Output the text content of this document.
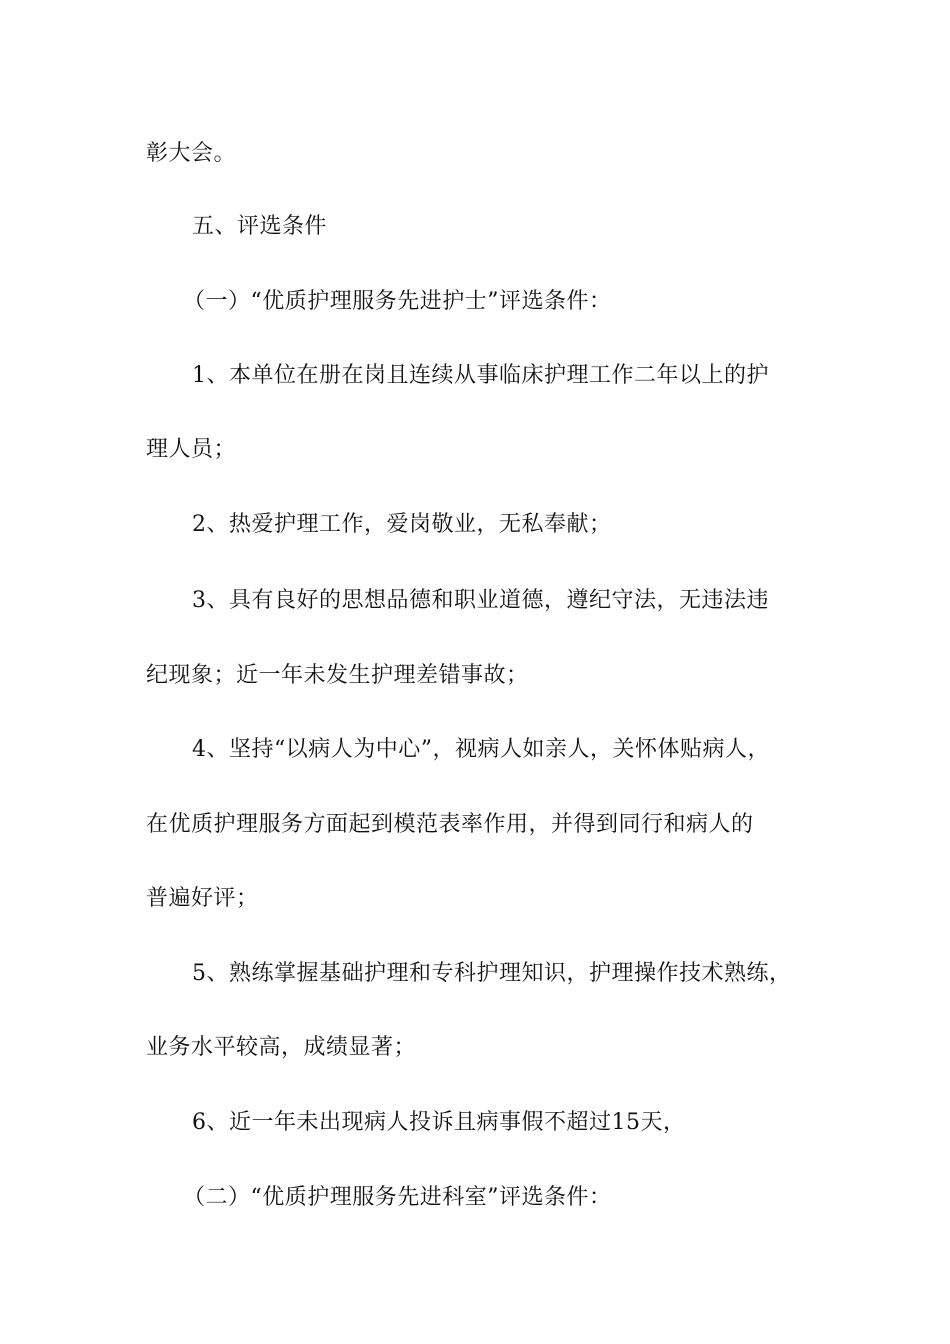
彰大会。
五、评选条件
（一）“优质护理服务先进护士”评选条件：
1、本单位在册在岗且连续从事临床护理工作二年以上的护
理人员；
2、热爱护理工作，爱岗敬业，无私奉献；
3、具有良好的思想品德和职业道德，遵纪守法，无违法违
纪现象；近一年未发生护理差错事故；
4、坚持“以病人为中心”，视病人如亲人，关怀体贴病人，
在优质护理服务方面起到模范表率作用，并得到同行和病人的
普遍好评；
5、熟练掌握基础护理和专科护理知识，护理操作技术熟练，
业务水平较高，成绩显著；
6、近一年未出现病人投诉且病事假不超过15天，
（二）“优质护理服务先进科室”评选条件：
